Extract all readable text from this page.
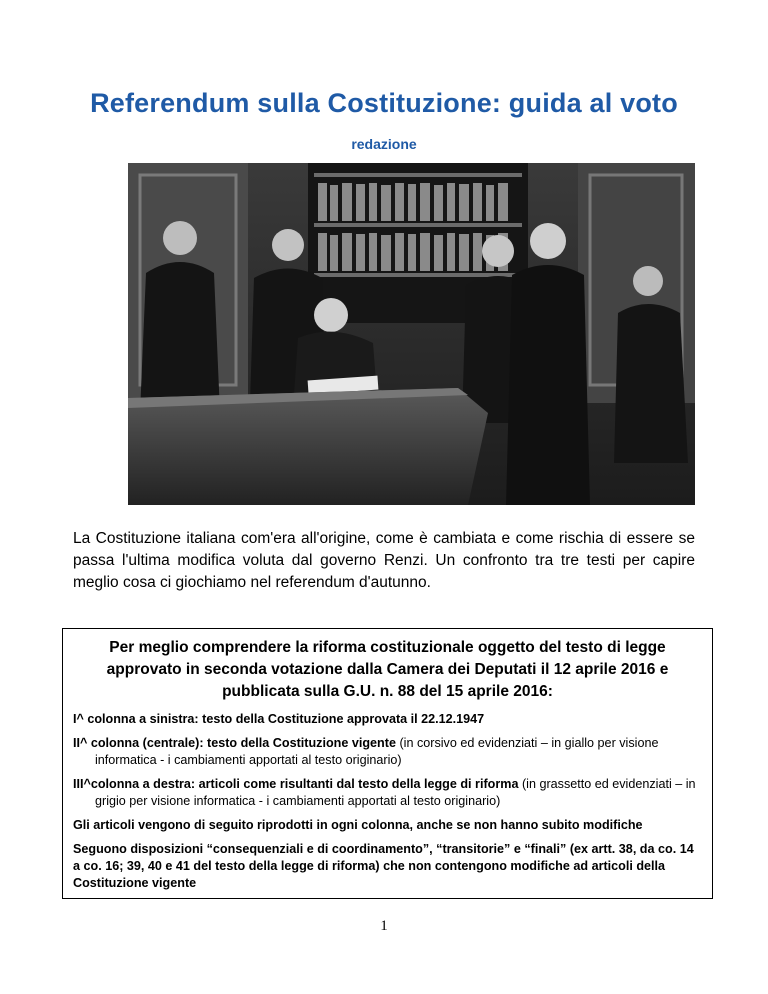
Referendum sulla Costituzione: guida al voto
redazione
La Costituzione italiana com'era all'origine, come è cambiata e come rischia di essere se passa l'ultima modifica voluta dal governo Renzi. Un confronto tra tre testi per capire meglio cosa ci giochiamo nel referendum d'autunno.
Per meglio comprendere la riforma costituzionale oggetto del testo di legge approvato in seconda votazione dalla Camera dei Deputati il 12 aprile 2016 e pubblicata sulla G.U. n. 88 del 15 aprile 2016:

I^ colonna a sinistra: testo della Costituzione approvata il 22.12.1947

II^ colonna (centrale): testo della Costituzione vigente (in corsivo ed evidenziati – in giallo per visione informatica - i cambiamenti apportati al testo originario)

III^colonna a destra: articoli come risultanti dal testo della legge di riforma (in grassetto ed evidenziati – in grigio per visione informatica - i cambiamenti apportati al testo originario)

Gli articoli vengono di seguito riprodotti in ogni colonna, anche se non hanno subito modifiche

Seguono disposizioni “consequenziali e di coordinamento”, “transitorie” e “finali” (ex artt. 38, da co. 14 a co. 16; 39, 40 e 41 del testo della legge di riforma) che non contengono modifiche ad articoli della Costituzione vigente

1
